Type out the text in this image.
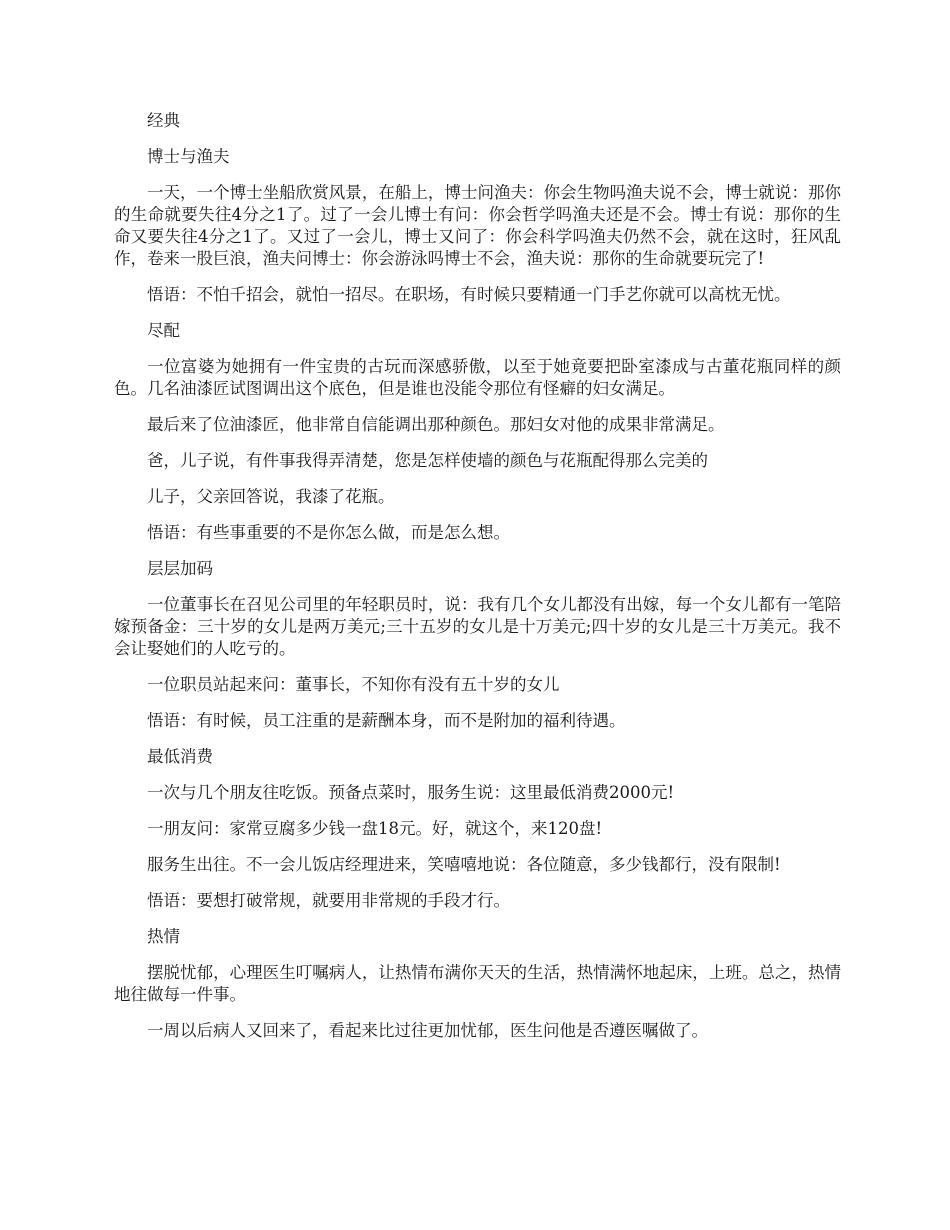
经典

博士与渔夫

一天，一个博士坐船欣赏风景，在船上，博士问渔夫：你会生物吗渔夫说不会，博士就说：那你的生命就要失往4分之1了。过了一会儿博士有问：你会哲学吗渔夫还是不会。博士有说：那你的生命又要失往4分之1了。又过了一会儿，博士又问了：你会科学吗渔夫仍然不会，就在这时，狂风乱作，卷来一股巨浪，渔夫问博士：你会游泳吗博士不会，渔夫说：那你的生命就要玩完了!

悟语：不怕千招会，就怕一招尽。在职场，有时候只要精通一门手艺你就可以高枕无忧。

尽配

一位富婆为她拥有一件宝贵的古玩而深感骄傲，以至于她竟要把卧室漆成与古董花瓶同样的颜色。几名油漆匠试图调出这个底色，但是谁也没能令那位有怪癖的妇女满足。

最后来了位油漆匠，他非常自信能调出那种颜色。那妇女对他的成果非常满足。

爸，儿子说，有件事我得弄清楚，您是怎样使墙的颜色与花瓶配得那么完美的

儿子，父亲回答说，我漆了花瓶。

悟语：有些事重要的不是你怎么做，而是怎么想。

层层加码

一位董事长在召见公司里的年轻职员时，说：我有几个女儿都没有出嫁，每一个女儿都有一笔陪嫁预备金：三十岁的女儿是两万美元;三十五岁的女儿是十万美元;四十岁的女儿是三十万美元。我不会让娶她们的人吃亏的。

一位职员站起来问：董事长，不知你有没有五十岁的女儿

悟语：有时候，员工注重的是薪酬本身，而不是附加的福利待遇。

最低消费

一次与几个朋友往吃饭。预备点菜时，服务生说：这里最低消费2000元!

一朋友问：家常豆腐多少钱一盘18元。好，就这个，来120盘!

服务生出往。不一会儿饭店经理进来，笑嘻嘻地说：各位随意，多少钱都行，没有限制!

悟语：要想打破常规，就要用非常规的手段才行。

热情

摆脱忧郁，心理医生叮嘱病人，让热情布满你天天的生活，热情满怀地起床，上班。总之，热情地往做每一件事。

一周以后病人又回来了，看起来比过往更加忧郁，医生问他是否遵医嘱做了。
